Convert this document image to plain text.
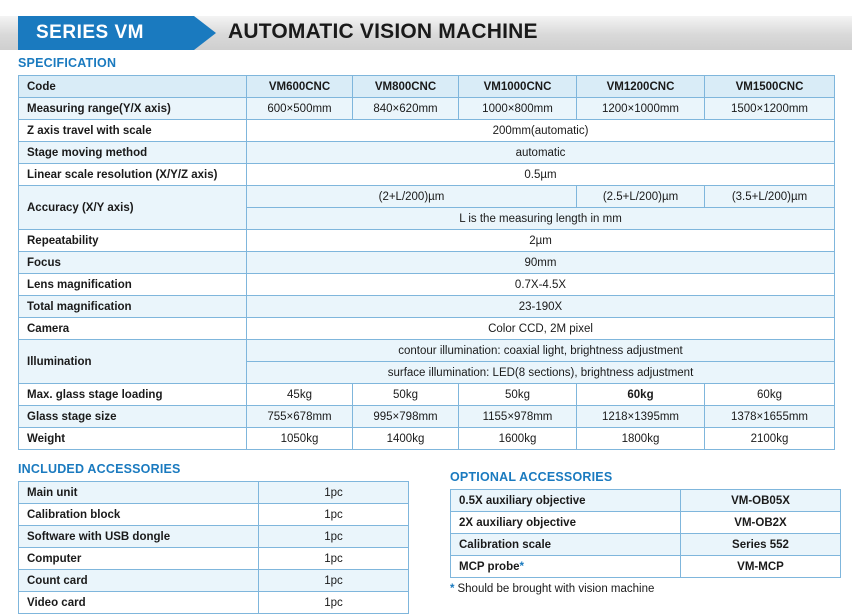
SERIES VM	AUTOMATIC VISION MACHINE
SPECIFICATION
Code	VM600CNC	VM800CNC	VM1000CNC	VM1200CNC	VM1500CNC
Measuring range(Y/X axis)	600×500mm	840×620mm	1000×800mm	1200×1000mm	1500×1200mm
Z axis travel with scale	200mm(automatic)				
Stage moving method	automatic				
Linear scale resolution (X/Y/Z axis)	0.5µm				
Accuracy (X/Y axis)	(2+L/200)µm			(2.5+L/200)µm	(3.5+L/200)µm
	L is the measuring length in mm				
Repeatability	2µm				
Focus	90mm				
Lens magnification	0.7X-4.5X				
Total magnification	23-190X				
Camera	Color CCD, 2M pixel				
Illumination	contour illumination: coaxial light, brightness adjustment				
	surface illumination: LED(8 sections), brightness adjustment				
Max. glass stage loading	45kg	50kg	50kg	60kg	60kg
Glass stage size	755×678mm	995×798mm	1155×978mm	1218×1395mm	1378×1655mm
Weight	1050kg	1400kg	1600kg	1800kg	2100kg
INCLUDED ACCESSORIES
Main unit	1pc
Calibration block	1pc
Software with USB dongle	1pc
Computer	1pc
Count card	1pc
Video card	1pc
OPTIONAL ACCESSORIES
0.5X auxiliary objective	VM-OB05X
2X auxiliary objective	VM-OB2X
Calibration scale	Series 552
MCP probe*	VM-MCP
* Should be brought with vision machine
